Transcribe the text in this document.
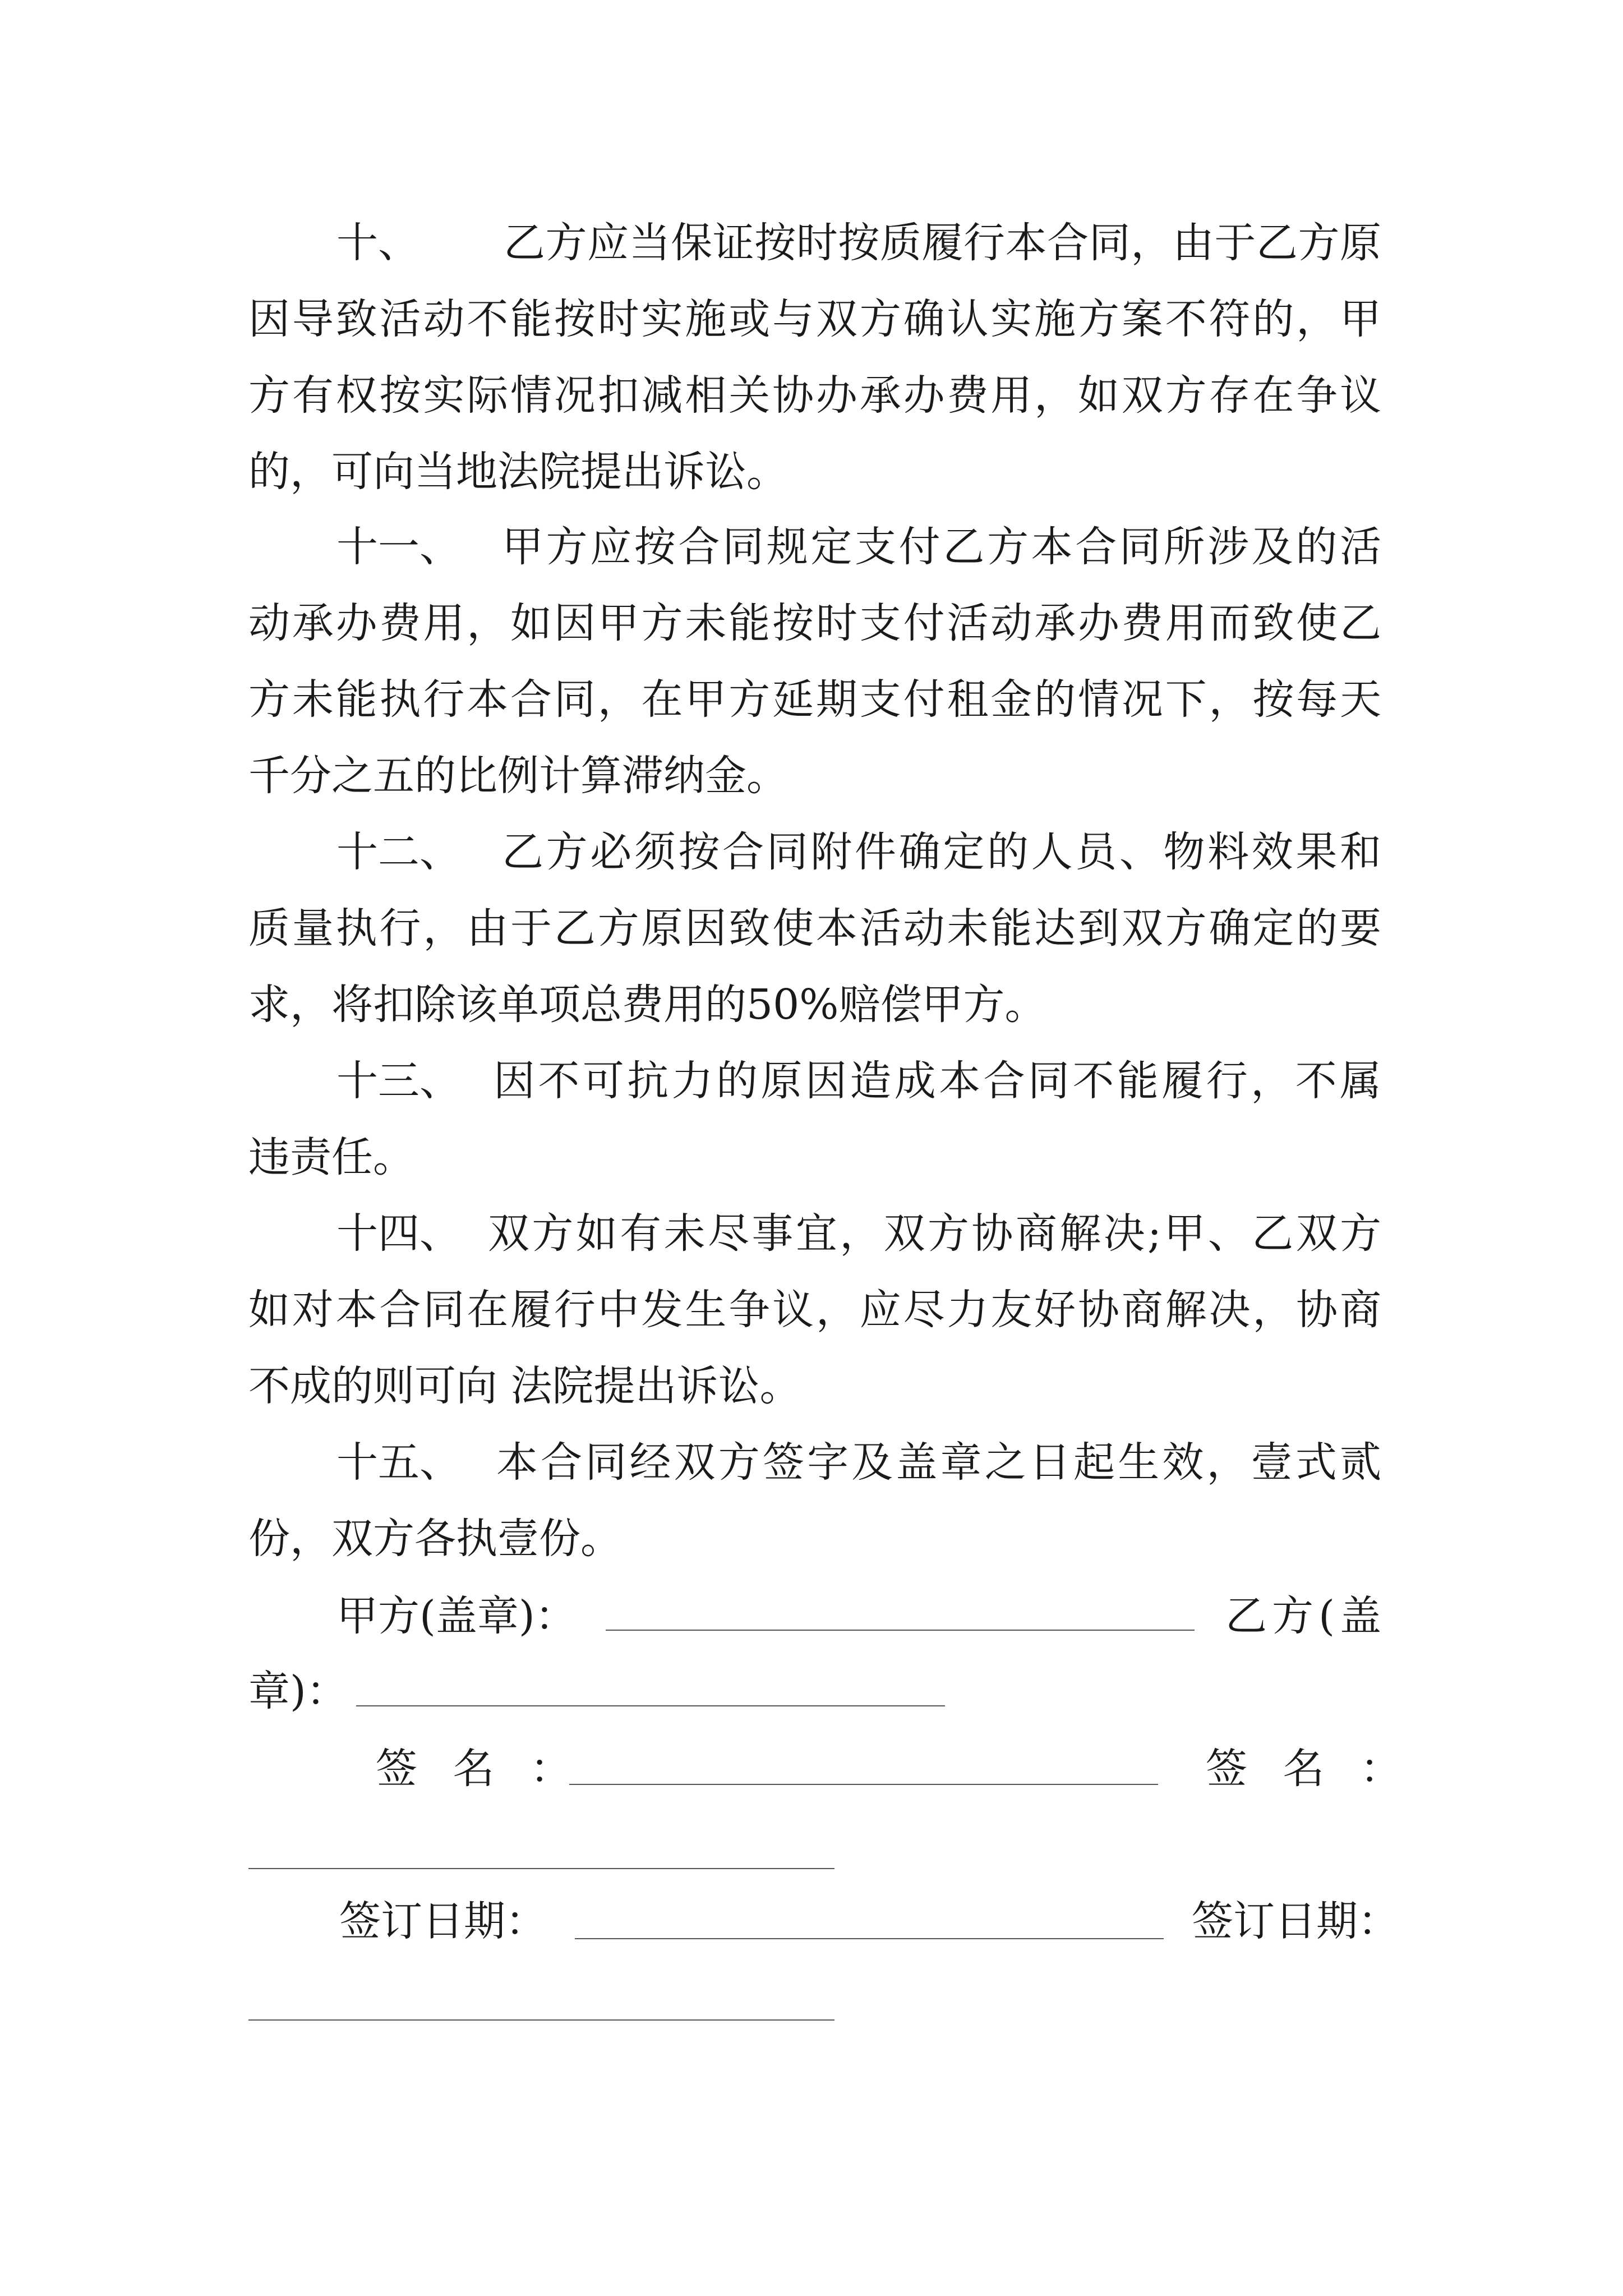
十、 乙方应当保证按时按质履行本合同，由于乙方原
因导致活动不能按时实施或与双方确认实施方案不符的，甲
方有权按实际情况扣减相关协办承办费用，如双方存在争议
的，可向当地法院提出诉讼。
十一、 甲方应按合同规定支付乙方本合同所涉及的活
动承办费用，如因甲方未能按时支付活动承办费用而致使乙
方未能执行本合同，在甲方延期支付租金的情况下，按每天
千分之五的比例计算滞纳金。
十二、 乙方必须按合同附件确定的人员、物料效果和
质量执行，由于乙方原因致使本活动未能达到双方确定的要
求，将扣除该单项总费用的50%赔偿甲方。
十三、 因不可抗力的原因造成本合同不能履行，不属
违责任。
十四、 双方如有未尽事宜，双方协商解决;甲、乙双方
如对本合同在履行中发生争议，应尽力友好协商解决，协商
不成的则可向 法院提出诉讼。
十五、 本合同经双方签字及盖章之日起生效，壹式贰
份，双方各执壹份。
甲方(盖章)：	乙方(盖
章)：
签 名 ：	签 名 ：
签订日期：	签订日期：
